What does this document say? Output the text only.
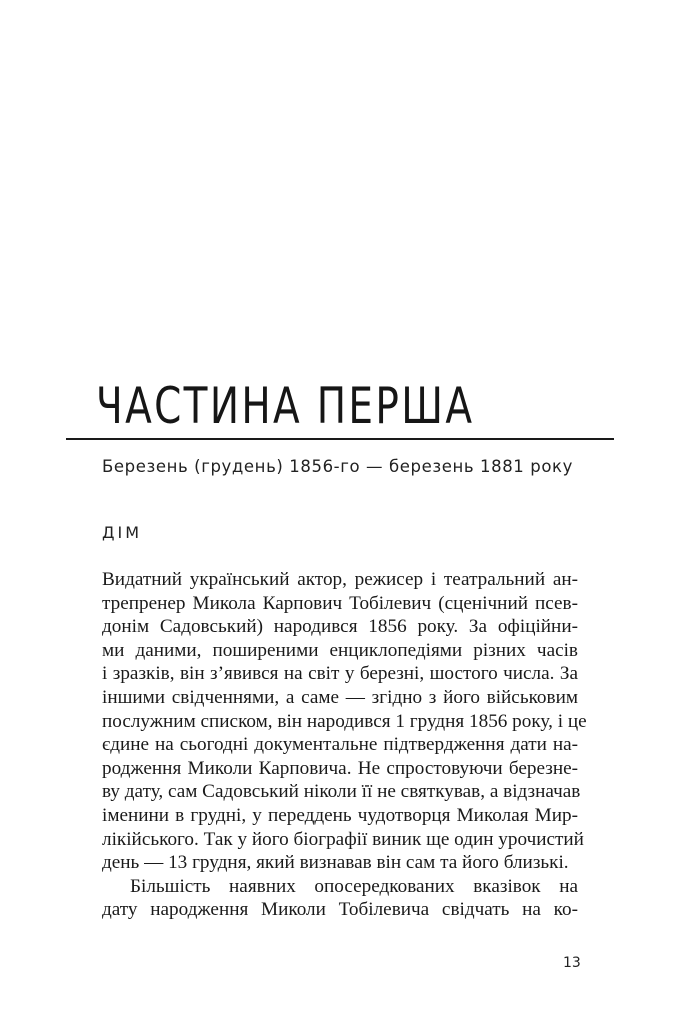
ЧАСТИНА ПЕРША

Березень (грудень) 1856-го — березень 1881 року

ДІМ
Видатний український актор, режисер і театральний ан-
трепренер Микола Карпович Тобілевич (сценічний псев-
донім Садовський) народився 1856 року. За офіційни-
ми даними, поширеними енциклопедіями різних часів
і зразків, він з’явився на світ у березні, шостого числа. За
іншими свідченнями, а саме — згідно з його військовим
послужним списком, він народився 1 грудня 1856 року, і це
єдине на сьогодні документальне підтвердження дати на-
родження Миколи Карповича. Не спростовуючи березне-
ву дату, сам Садовський ніколи її не святкував, а відзначав
іменини в грудні, у переддень чудотворця Миколая Мир-
лікійського. Так у його біографії виник ще один урочистий
день — 13 грудня, який визнавав він сам та його близькі.
Більшість наявних опосередкованих вказівок на
дату народження Миколи Тобілевича свідчать на ко-

13
